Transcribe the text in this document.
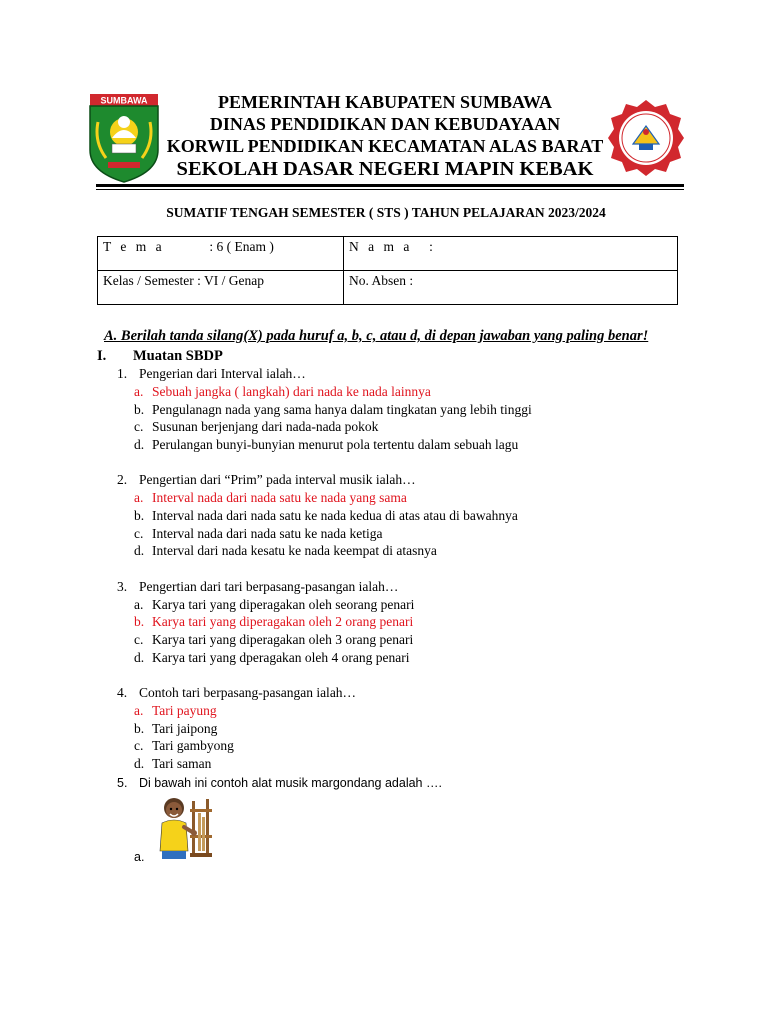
SUMBAWA	PEMERINTAH KABUPATEN SUMBAWA
DINAS PENDIDIKAN DAN KEBUDAYAAN
KORWIL PENDIDIKAN KECAMATAN ALAS BARAT
SEKOLAH DASAR NEGERI MAPIN KEBAK
SUMATIF TENGAH SEMESTER ( STS ) TAHUN PELAJARAN 2023/2024
T e m a : 6 ( Enam )	N a m a :
Kelas / Semester : VI / Genap	No. Absen :
A. Berilah tanda silang(X) pada huruf a, b, c, atau d, di depan jawaban yang paling benar!
I. Muatan SBDP
1. Pengerian dari Interval ialah…
a. Sebuah jangka ( langkah) dari nada ke nada lainnya
b. Pengulanagn nada yang sama hanya dalam tingkatan yang lebih tinggi
c. Susunan berjenjang dari nada-nada pokok
d. Perulangan bunyi-bunyian menurut pola tertentu dalam sebuah lagu
2. Pengertian dari “Prim” pada interval musik ialah…
a. Interval nada dari nada satu ke nada yang sama
b. Interval nada dari nada satu ke nada kedua di atas atau di bawahnya
c. Interval nada dari nada satu ke nada ketiga
d. Interval dari nada kesatu ke nada keempat di atasnya
3. Pengertian dari tari berpasang-pasangan ialah…
a. Karya tari yang diperagakan oleh seorang penari
b. Karya tari yang diperagakan oleh 2 orang penari
c. Karya tari yang diperagakan oleh 3 orang penari
d. Karya tari yang dperagakan oleh 4 orang penari
4. Contoh tari berpasang-pasangan ialah…
a. Tari payung
b. Tari jaipong
c. Tari gambyong
d. Tari saman
5. Di bawah ini contoh alat musik margondang adalah ….
a.
